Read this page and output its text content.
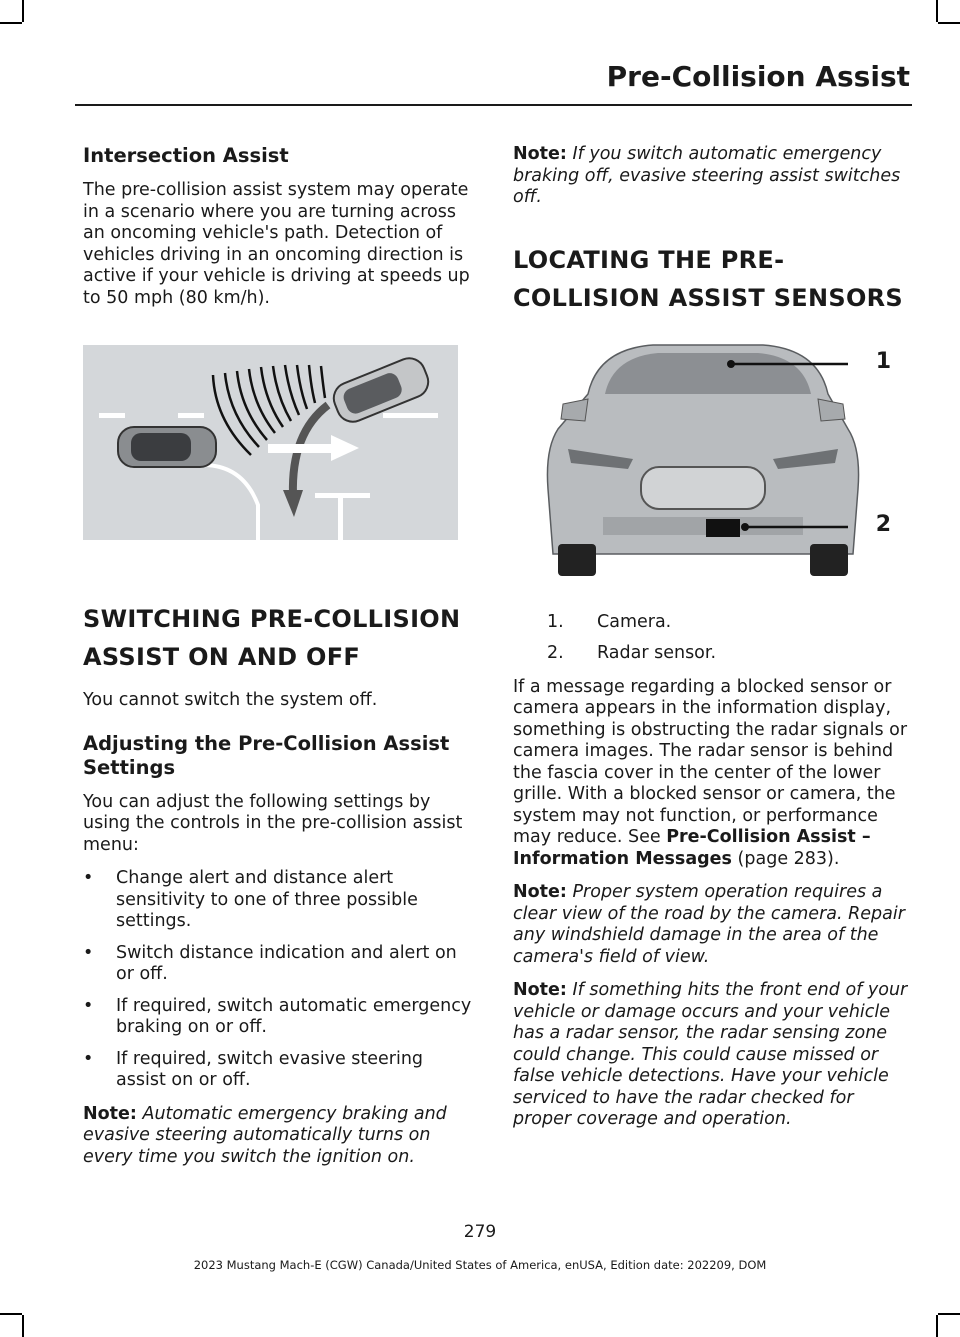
Pre-Collision Assist
Intersection Assist

The pre-collision assist system may operate in a scenario where you are turning across an oncoming vehicle's path. Detection of vehicles driving in an oncoming direction is active if your vehicle is driving at speeds up to 50 mph (80 km/h).

SWITCHING PRE-COLLISION
ASSIST ON AND OFF

You cannot switch the system off.

Adjusting the Pre-Collision Assist Settings

You can adjust the following settings by using the controls in the pre-collision assist menu:

• Change alert and distance alert sensitivity to one of three possible settings.
• Switch distance indication and alert on or off.
• If required, switch automatic emergency braking on or off.
• If required, switch evasive steering assist on or off.

Note: Automatic emergency braking and evasive steering automatically turns on every time you switch the ignition on.

Note: If you switch automatic emergency braking off, evasive steering assist switches off.

LOCATING THE PRE-
COLLISION ASSIST SENSORS
1
2
1. Camera.
2. Radar sensor.

If a message regarding a blocked sensor or camera appears in the information display, something is obstructing the radar signals or camera images. The radar sensor is behind the fascia cover in the center of the lower grille. With a blocked sensor or camera, the system may not function, or performance may reduce. See Pre-Collision Assist – Information Messages (page 283).

Note: Proper system operation requires a clear view of the road by the camera. Repair any windshield damage in the area of the camera's field of view.

Note: If something hits the front end of your vehicle or damage occurs and your vehicle has a radar sensor, the radar sensing zone could change. This could cause missed or false vehicle detections. Have your vehicle serviced to have the radar checked for proper coverage and operation.

279
2023 Mustang Mach-E (CGW) Canada/United States of America, enUSA, Edition date: 202209, DOM
